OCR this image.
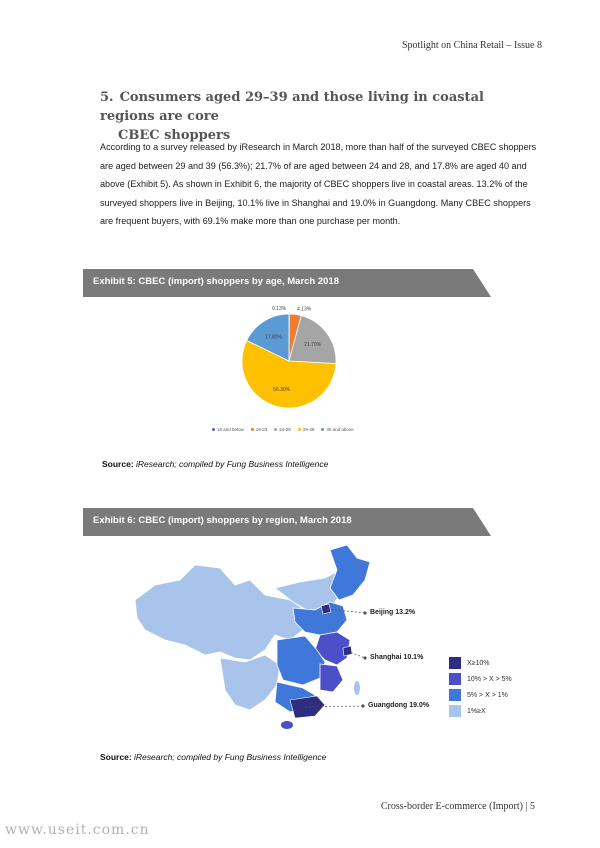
Spotlight on China Retail – Issue 8
5. Consumers aged 29–39 and those living in coastal regions are core
CBEC shoppers
According to a survey released by iResearch in March 2018, more than half of the surveyed CBEC shoppers are aged between 29 and 39 (56.3%); 21.7% of are aged between 24 and 28, and 17.8% are aged 40 and above (Exhibit 5). As shown in Exhibit 6, the majority of CBEC shoppers live in coastal areas. 13.2% of the surveyed shoppers live in Beijing, 10.1% live in Shanghai and 19.0% in Guangdong. Many CBEC shoppers are frequent buyers, with 69.1% make more than one purchase per month.
Exhibit 5: CBEC (import) shoppers by age, March 2018
0.13% 4.13%
21.70%
56.30%
17.80%
18 and below	19-23	24-28	29-39	40 and above
Source: iResearch; compiled by Fung Business Intelligence
Exhibit 6: CBEC (import) shoppers by region, March 2018
Beijing 13.2%
Shanghai 10.1%
Guangdong 19.0%
X≥10%
10% > X > 5%
5% > X > 1%
1%≥X
Source: iResearch; compiled by Fung Business Intelligence
Cross-border E-commerce (Import) | 5
www.useit.com.cn
